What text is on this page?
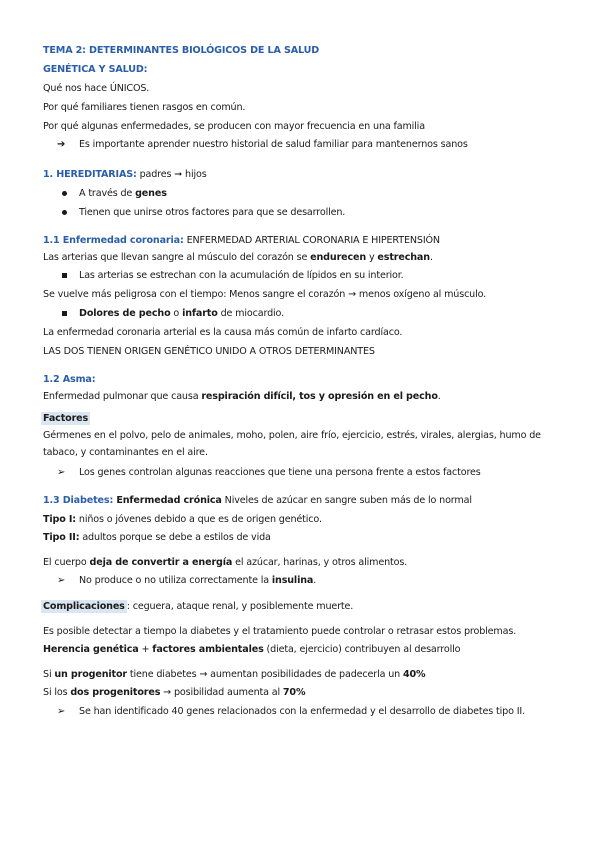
TEMA 2: DETERMINANTES BIOLÓGICOS DE LA SALUD
GENÉTICA Y SALUD:
Qué nos hace ÚNICOS.
Por qué familiares tienen rasgos en común.
Por qué algunas enfermedades, se producen con mayor frecuencia en una familia
➔ Es importante aprender nuestro historial de salud familiar para mantenernos sanos
1. HEREDITARIAS: padres ➞ hijos
A través de genes
Tienen que unirse otros factores para que se desarrollen.
1.1 Enfermedad coronaria: ENFERMEDAD ARTERIAL CORONARIA E HIPERTENSIÓN
Las arterias que llevan sangre al músculo del corazón se endurecen y estrechan.
Las arterias se estrechan con la acumulación de lípidos en su interior.
Se vuelve más peligrosa con el tiempo: Menos sangre el corazón → menos oxígeno al músculo.
Dolores de pecho o infarto de miocardio.
La enfermedad coronaria arterial es la causa más común de infarto cardíaco.
LAS DOS TIENEN ORIGEN GENÉTICO UNIDO A OTROS DETERMINANTES
1.2 Asma:
Enfermedad pulmonar que causa respiración difícil, tos y opresión en el pecho.
Factores
Gérmenes en el polvo, pelo de animales, moho, polen, aire frío, ejercicio, estrés, virales, alergias, humo de tabaco, y contaminantes en el aire.
➢ Los genes controlan algunas reacciones que tiene una persona frente a estos factores
1.3 Diabetes: Enfermedad crónica Niveles de azúcar en sangre suben más de lo normal
Tipo I: niños o jóvenes debido a que es de origen genético.
Tipo II: adultos porque se debe a estilos de vida
El cuerpo deja de convertir a energía el azúcar, harinas, y otros alimentos.
➢ No produce o no utiliza correctamente la insulina.
Complicaciones : ceguera, ataque renal, y posiblemente muerte.
Es posible detectar a tiempo la diabetes y el tratamiento puede controlar o retrasar estos problemas.
Herencia genética + factores ambientales (dieta, ejercicio) contribuyen al desarrollo
Si un progenitor tiene diabetes → aumentan posibilidades de padecerla un 40%
Si los dos progenitores → posibilidad aumenta al 70%
➢ Se han identificado 40 genes relacionados con la enfermedad y el desarrollo de diabetes tipo II.
